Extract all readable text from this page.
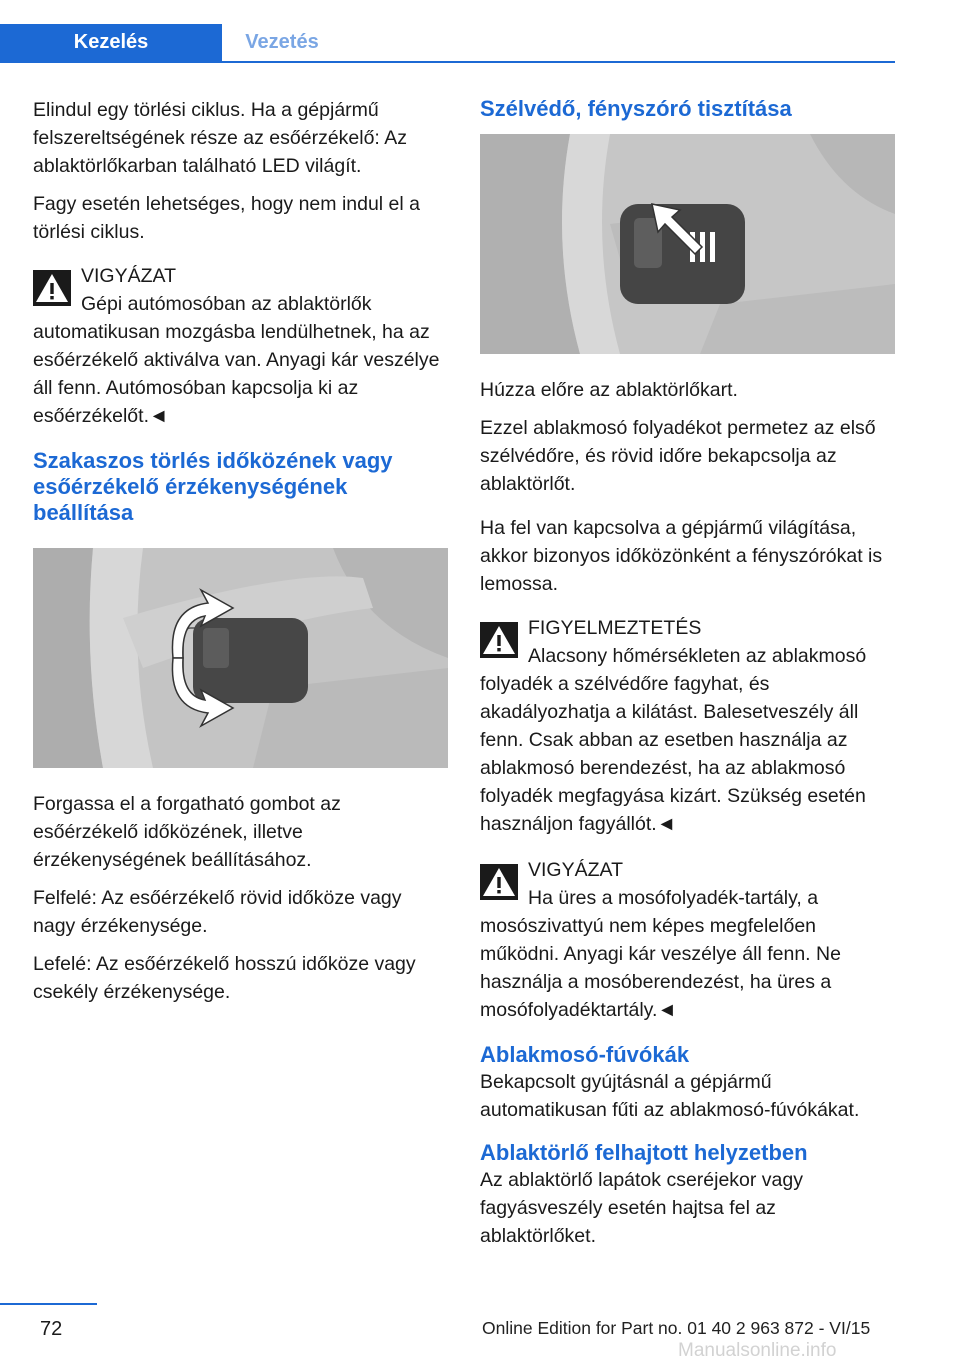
Kezelés	Vezetés

Elindul egy törlési ciklus. Ha a gépjármű felszereltségének része az esőérzékelő: Az ablaktörlőkarban található LED világít.

Fagy esetén lehetséges, hogy nem indul el a törlési ciklus.

VIGYÁZAT
Gépi autómosóban az ablaktörlők automatikusan mozgásba lendülhetnek, ha az esőérzékelő aktiválva van. Anyagi kár veszélye áll fenn. Autómosóban kapcsolja ki az esőérzékelőt.◄
Szakaszos törlés időközének vagy esőérzékelő érzékenységének beállítása

Forgassa el a forgatható gombot az esőérzékelő időközének, illetve érzékenységének beállításához.

Felfelé: Az esőérzékelő rövid időköze vagy nagy érzékenysége.

Lefelé: Az esőérzékelő hosszú időköze vagy csekély érzékenysége.

Szélvédő, fényszóró tisztítása

Húzza előre az ablaktörlőkart.

Ezzel ablakmosó folyadékot permetez az első szélvédőre, és rövid időre bekapcsolja az ablaktörlőt.

Ha fel van kapcsolva a gépjármű világítása, akkor bizonyos időközönként a fényszórókat is lemossa.

FIGYELMEZTETÉS
Alacsony hőmérsékleten az ablakmosó folyadék a szélvédőre fagyhat, és akadályozhatja a kilátást. Balesetveszély áll fenn. Csak abban az esetben használja az ablakmosó berendezést, ha az ablakmosó folyadék megfagyása kizárt. Szükség esetén használjon fagyállót.◄
VIGYÁZAT
Ha üres a mosófolyadék-tartály, a mosószivattyú nem képes megfelelően működni. Anyagi kár veszélye áll fenn. Ne használja a mosóberendezést, ha üres a mosófolyadéktartály.◄
Ablakmosó-fúvókák

Bekapcsolt gyújtásnál a gépjármű automatikusan fűti az ablakmosó-fúvókákat.

Ablaktörlő felhajtott helyzetben

Az ablaktörlő lapátok cseréjekor vagy fagyásveszély esetén hajtsa fel az ablaktörlőket.

72	Online Edition for Part no. 01 40 2 963 872 - VI/15
Manualsonline.info
